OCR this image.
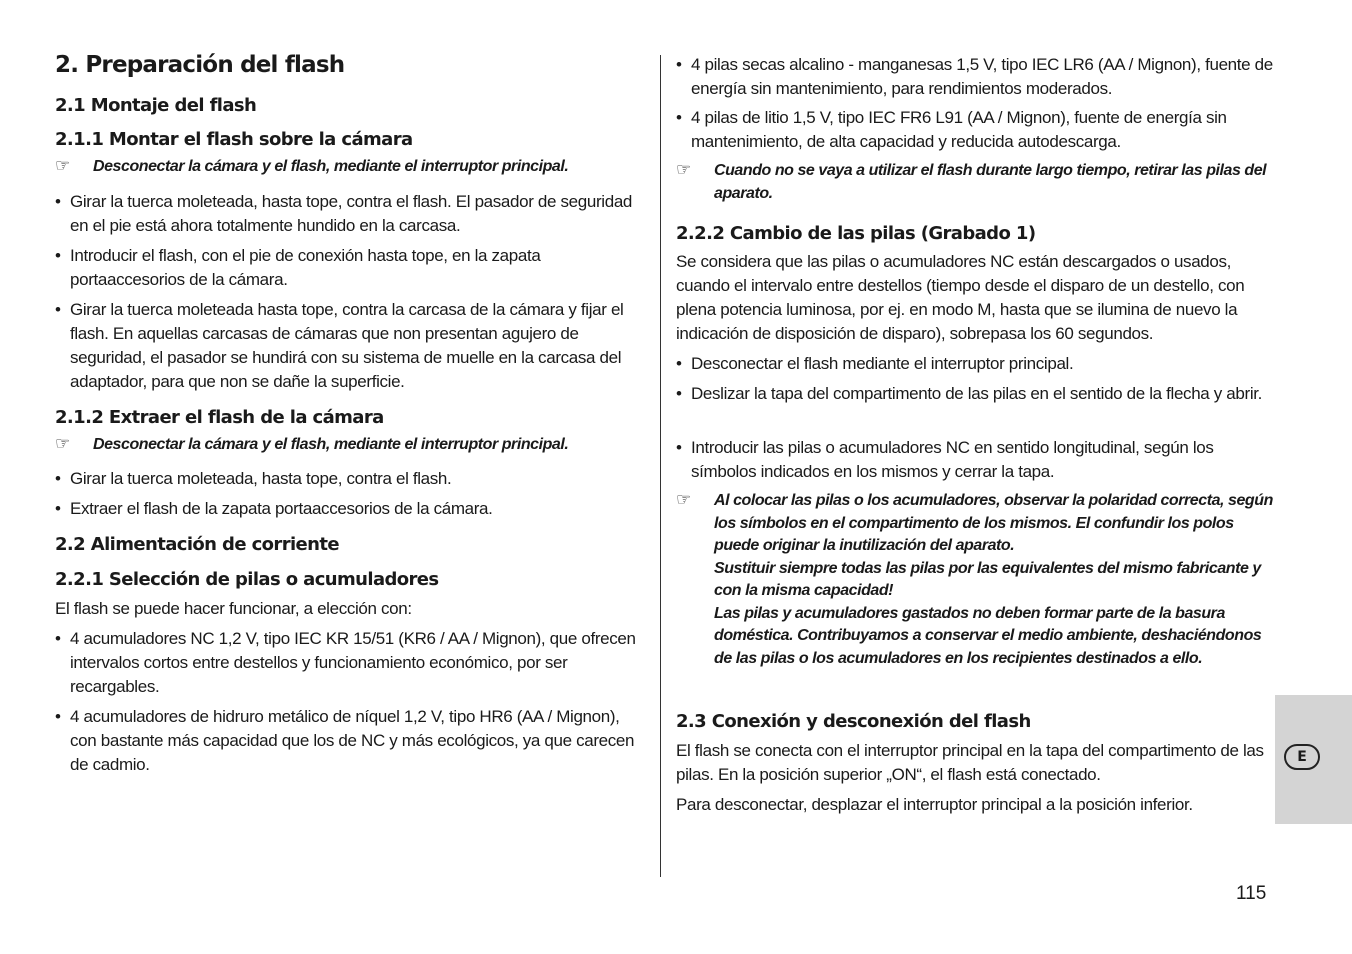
2. Preparación del flash
2.1 Montaje del flash
2.1.1 Montar el flash sobre la cámara
☞	Desconectar la cámara y el flash, mediante el interruptor principal.
• Girar la tuerca moleteada, hasta tope, contra el flash. El pasador de seguridad en el pie está ahora totalmente hundido en la carcasa.
• Introducir el flash, con el pie de conexión hasta tope, en la zapata portaaccesorios de la cámara.
• Girar la tuerca moleteada hasta tope, contra la carcasa de la cámara y fijar el flash. En aquellas carcasas de cámaras que non presentan agujero de seguridad, el pasador se hundirá con su sistema de muelle en la carcasa del adaptador, para que non se dañe la superficie.
2.1.2 Extraer el flash de la cámara
☞	Desconectar la cámara y el flash, mediante el interruptor principal.
• Girar la tuerca moleteada, hasta tope, contra el flash.
• Extraer el flash de la zapata portaaccesorios de la cámara.
2.2 Alimentación de corriente
2.2.1 Selección de pilas o acumuladores
El flash se puede hacer funcionar, a elección con:
• 4 acumuladores NC 1,2 V, tipo IEC KR 15/51 (KR6 / AA / Mignon), que ofrecen intervalos cortos entre destellos y funcionamiento económico, por ser recargables.
• 4 acumuladores de hidruro metálico de níquel 1,2 V, tipo HR6 (AA / Mignon), con bastante más capacidad que los de NC y más ecológicos, ya que carecen de cadmio.
• 4 pilas secas alcalino - manganesas 1,5 V, tipo IEC LR6 (AA / Mignon), fuente de energía sin mantenimiento, para rendimientos moderados.
• 4 pilas de litio 1,5 V, tipo IEC FR6 L91 (AA / Mignon), fuente de energía sin mantenimiento, de alta capacidad y reducida autodescarga.
☞	Cuando no se vaya a utilizar el flash durante largo tiempo, retirar las pilas del aparato.
2.2.2 Cambio de las pilas (Grabado 1)
Se considera que las pilas o acumuladores NC están descargados o usados, cuando el intervalo entre destellos (tiempo desde el disparo de un destello, con plena potencia luminosa, por ej. en modo M, hasta que se ilumina de nuevo la indicación de disposición de disparo), sobrepasa los 60 segundos.
• Desconectar el flash mediante el interruptor principal.
• Deslizar la tapa del compartimento de las pilas en el sentido de la flecha y abrir.
• Introducir las pilas o acumuladores NC en sentido longitudinal, según los símbolos indicados en los mismos y cerrar la tapa.
☞ Al colocar las pilas o los acumuladores, observar la polaridad correcta, según los símbolos en el compartimento de los mismos. El confundir los polos puede originar la inutilización del aparato.
Sustituir siempre todas las pilas por las equivalentes del mismo fabricante y con la misma capacidad!
Las pilas y acumuladores gastados no deben formar parte de la basura doméstica. Contribuyamos a conservar el medio ambiente, deshaciéndonos de las pilas o los acumuladores en los recipientes destinados a ello.
2.3 Conexión y desconexión del flash
El flash se conecta con el interruptor principal en la tapa del compartimento de las pilas. En la posición superior „ON“, el flash está conectado.
Para desconectar, desplazar el interruptor principal a la posición inferior.
E
115
